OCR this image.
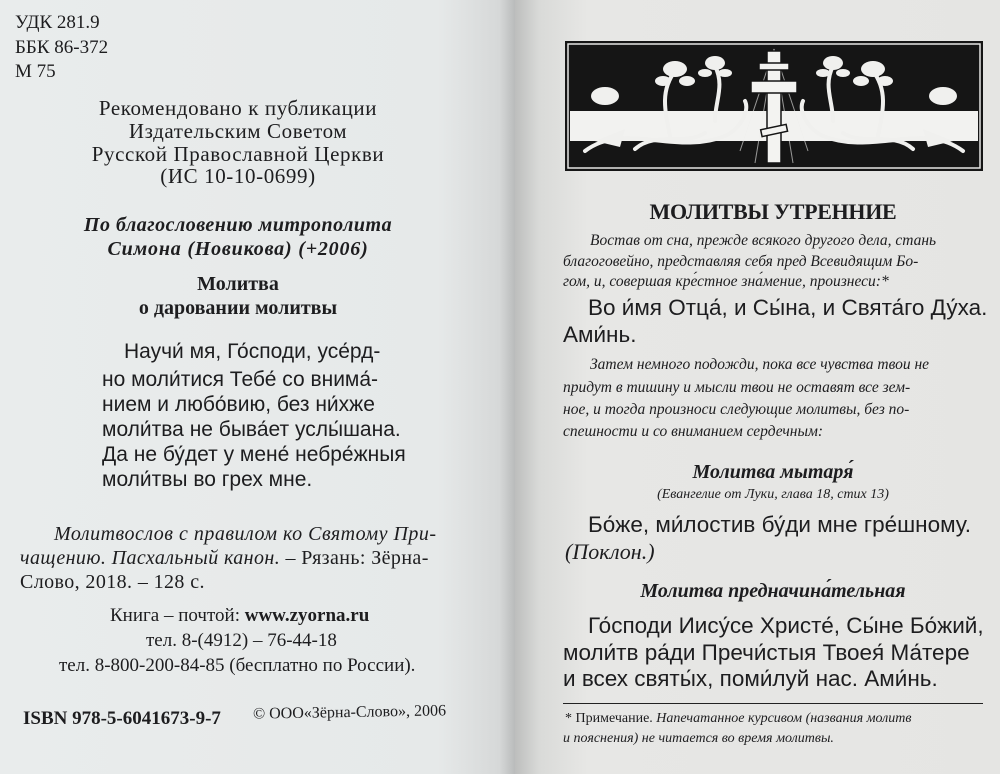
УДК 281.9
ББК 86-372
М 75
Рекомендовано к публикации
Издательским Советом
Русской Православной Церкви
(ИС 10-10-0699)
По благословению митрополита
Симона (Новикова) (+2006)
Молитва
о даровании молитвы
Научи́ мя, Го́споди, усе́рд-
но моли́тися Тебе́ со внима́-
нием и любо́вию, без ни́хже
моли́тва не быва́ет услы́шана.
Да не бу́дет у мене́ небре́жныя
моли́твы во грех мне.
Молитвослов с правилом ко Святому При-
чащению. Пасхальный канон. – Рязань: Зёрна-
Слово, 2018. – 128 с.
Книга – почтой: www.zyorna.ru
тел. 8-(4912) – 76-44-18
тел. 8-800-200-84-85 (бесплатно по России).
ISBN 978-5-6041673-9-7 © ООО«Зёрна-Слово», 2006
МОЛИТВЫ УТРЕННИЕ
Востав от сна, прежде всякого другого дела, стань
благоговейно, представляя себя пред Всевидящим Бо-
гом, и, совершая кре́стное зна́мение, произнеси:*
Во и́мя Отца́, и Сы́на, и Свята́го Ду́ха.
Ами́нь.
Затем немного подожди, пока все чувства твои не
придут в тишину и мысли твои не оставят все зем-
ное, и тогда произноси следующие молитвы, без по-
спешности и со вниманием сердечным:
Молитва мытаря́
(Евангелие от Луки, глава 18, стих 13)
Бо́же, ми́лостив бу́ди мне гре́шному.
(Поклон.)
Молитва предначина́тельная
Го́споди Иису́се Христе́, Сы́не Бо́жий,
моли́тв ра́ди Пречи́стыя Твоея́ Ма́тере
и всех святы́х, поми́луй нас. Ами́нь.
* Примечание. Напечатанное курсивом (названия молитв
и пояснения) не читается во время молитвы.
